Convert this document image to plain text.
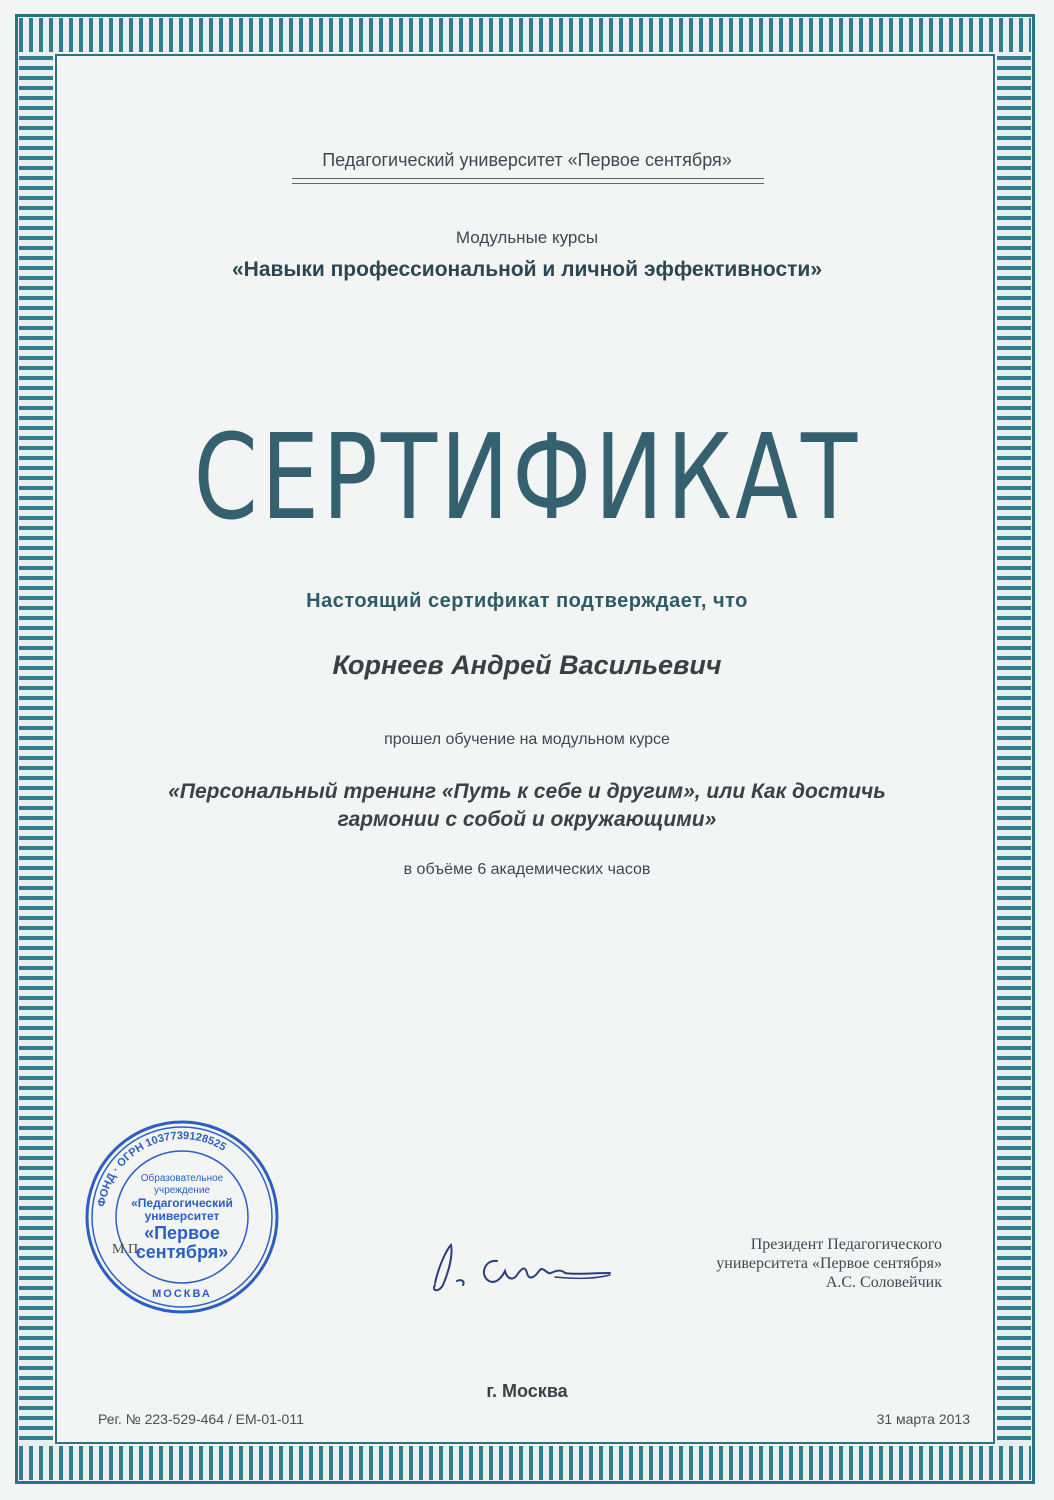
Педагогический университет «Первое сентября»
Модульные курсы
«Навыки профессиональной и личной эффективности»
СЕРТИФИКАТ
Настоящий сертификат подтверждает, что
Корнеев Андрей Васильевич
прошел обучение на модульном курсе
«Персональный тренинг «Путь к себе и другим», или Как достичь
гармонии с собой и окружающими»
в объёме 6 академических часов
ФОНД · ОГРН 1037739128525
Образовательное
учреждение
«Педагогический
университет
«Первое
сентября»
МОСКВА
М.П.	Президент Педагогического
университета «Первое сентября»
А.С. Соловейчик
г. Москва
Рег. № 223-529-464 / ЕМ-01-011	31 марта 2013
